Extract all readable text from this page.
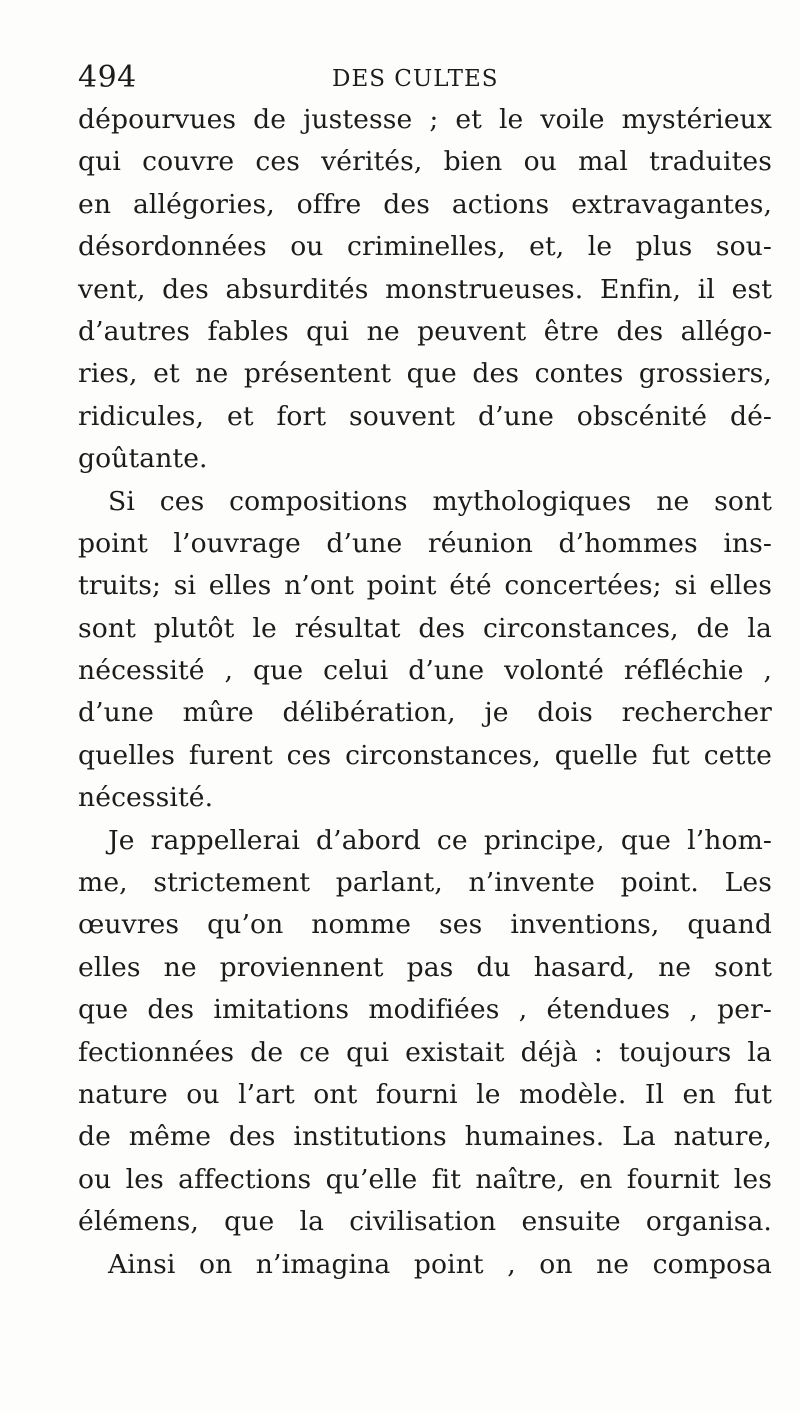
494	DES CULTES
dépourvues de justesse ; et le voile mystérieux
qui couvre ces vérités, bien ou mal traduites
en allégories, offre des actions extravagantes,
désordonnées ou criminelles, et, le plus sou-
vent, des absurdités monstrueuses. Enfin, il est
d’autres fables qui ne peuvent être des allégo-
ries, et ne présentent que des contes grossiers,
ridicules, et fort souvent d’une obscénité dé-
goûtante.
Si ces compositions mythologiques ne sont
point l’ouvrage d’une réunion d’hommes ins-
truits; si elles n’ont point été concertées; si elles
sont plutôt le résultat des circonstances, de la
nécessité , que celui d’une volonté réfléchie ,
d’une mûre délibération, je dois rechercher
quelles furent ces circonstances, quelle fut cette
nécessité.
Je rappellerai d’abord ce principe, que l’hom-
me, strictement parlant, n’invente point. Les
œuvres qu’on nomme ses inventions, quand
elles ne proviennent pas du hasard, ne sont
que des imitations modifiées , étendues , per-
fectionnées de ce qui existait déjà : toujours la
nature ou l’art ont fourni le modèle. Il en fut
de même des institutions humaines. La nature,
ou les affections qu’elle fit naître, en fournit les
élémens, que la civilisation ensuite organisa.
Ainsi on n’imagina point , on ne composa
